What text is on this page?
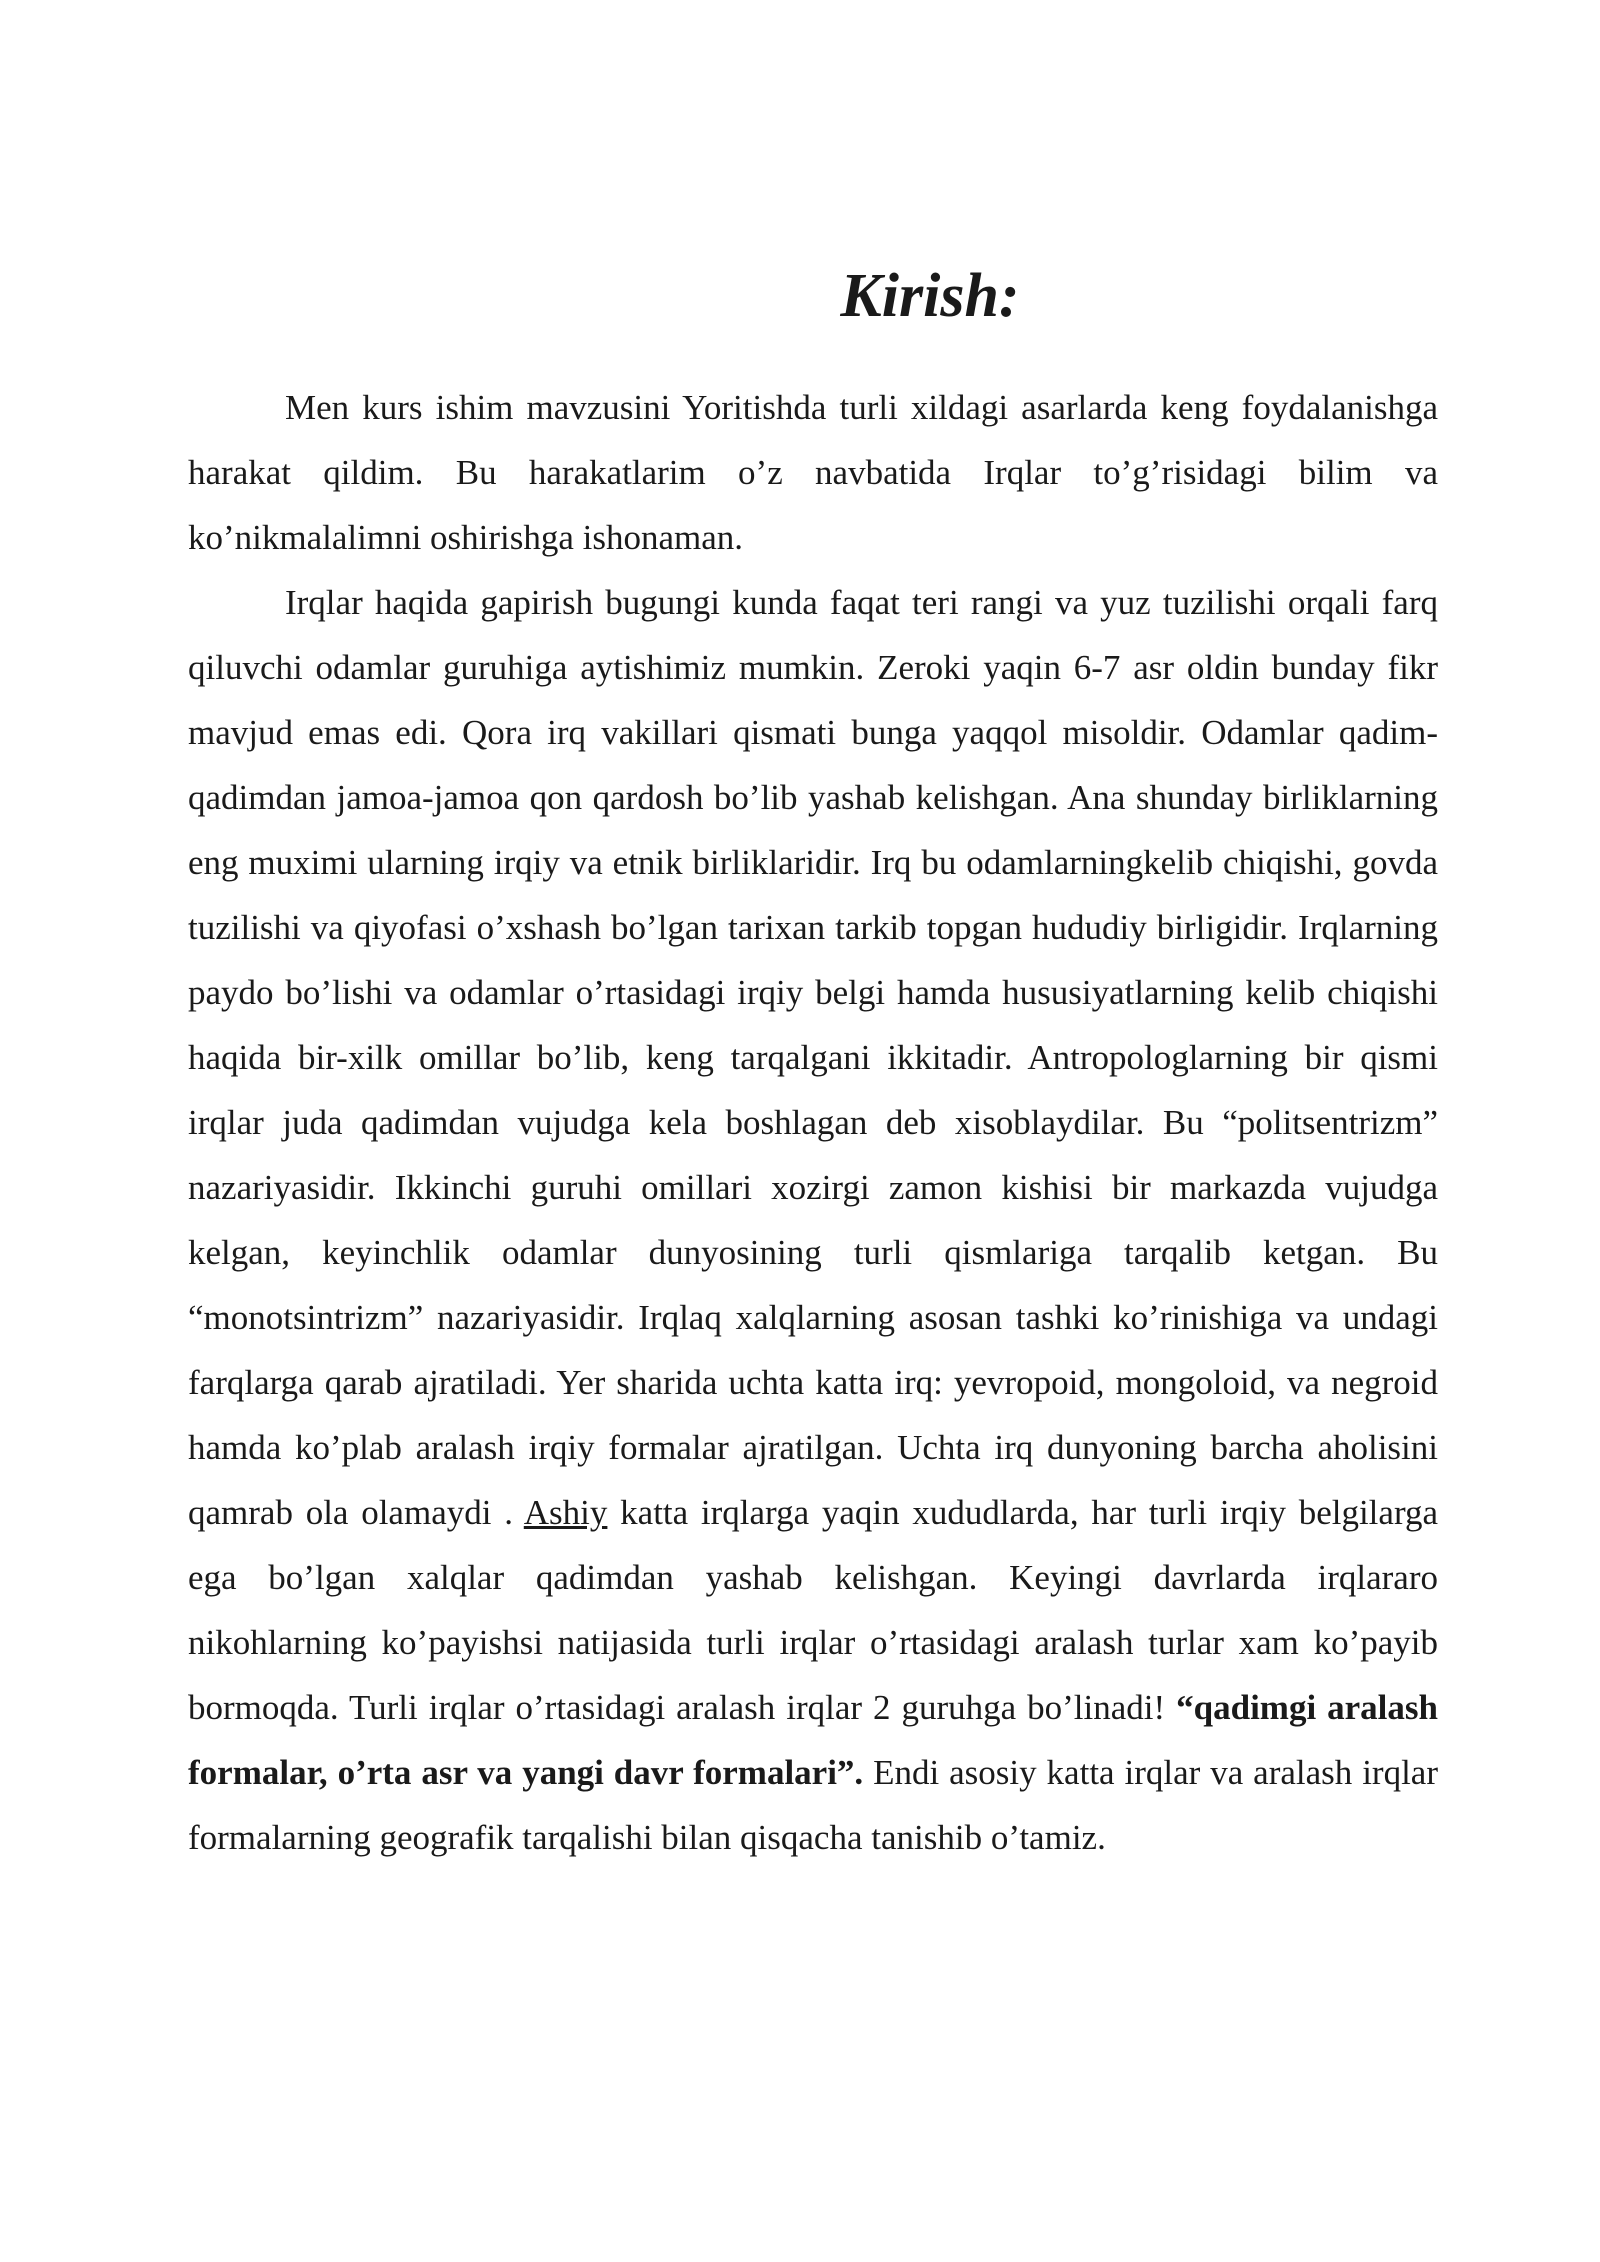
Kirish:

Men kurs ishim mavzusini Yoritishda turli xildagi asarlarda keng foydalanishga harakat qildim. Bu harakatlarim o’z navbatida Irqlar to’g’risidagi bilim va ko’nikmalalimni oshirishga ishonaman.

Irqlar haqida gapirish bugungi kunda faqat teri rangi va yuz tuzilishi orqali farq qiluvchi odamlar guruhiga aytishimiz mumkin. Zeroki yaqin 6-7 asr oldin bunday fikr mavjud emas edi. Qora irq vakillari qismati bunga yaqqol misoldir. Odamlar qadim-qadimdan jamoa-jamoa qon qardosh bo’lib yashab kelishgan. Ana shunday birliklarning eng muximi ularning irqiy va etnik birliklaridir. Irq bu odamlarningkelib chiqishi, govda tuzilishi va qiyofasi o’xshash bo’lgan tarixan tarkib topgan hududiy birligidir. Irqlarning paydo bo’lishi va odamlar o’rtasidagi irqiy belgi hamda hususiyatlarning kelib chiqishi haqida bir-xilk omillar bo’lib, keng tarqalgani ikkitadir. Antropologlarning bir qismi irqlar juda qadimdan vujudga kela boshlagan deb xisoblaydilar. Bu “politsentrizm” nazariyasidir. Ikkinchi guruhi omillari xozirgi zamon kishisi bir markazda vujudga kelgan, keyinchlik odamlar dunyosining turli qismlariga tarqalib ketgan. Bu “monotsintrizm” nazariyasidir. Irqlaq xalqlarning asosan tashki ko’rinishiga va undagi farqlarga qarab ajratiladi. Yer sharida uchta katta irq: yevropoid, mongoloid, va negroid hamda ko’plab aralash irqiy formalar ajratilgan. Uchta irq dunyoning barcha aholisini qamrab ola olamaydi . Ashiy katta irqlarga yaqin xududlarda, har turli irqiy belgilarga ega bo’lgan xalqlar qadimdan yashab kelishgan. Keyingi davrlarda irqlararo nikohlarning ko’payishsi natijasida turli irqlar o’rtasidagi aralash turlar xam ko’payib bormoqda. Turli irqlar o’rtasidagi aralash irqlar 2 guruhga bo’linadi! “qadimgi aralash formalar, o’rta asr va yangi davr formalari”. Endi asosiy katta irqlar va aralash irqlar formalarning geografik tarqalishi bilan qisqacha tanishib o’tamiz.
